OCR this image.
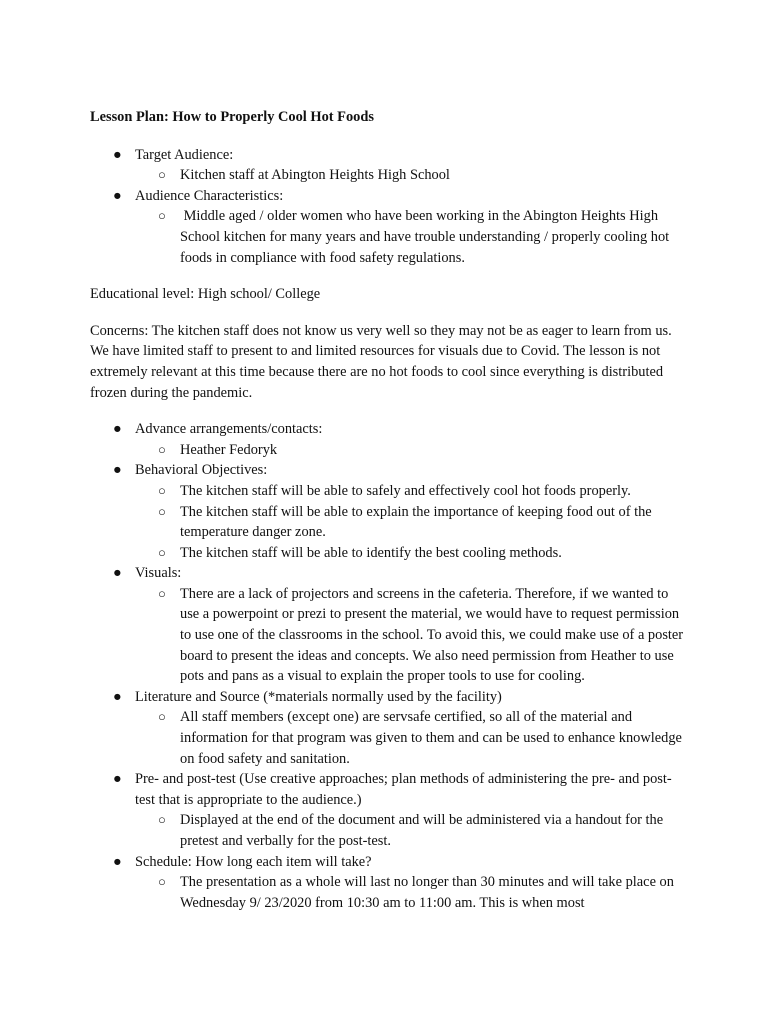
Lesson Plan: How to Properly Cool Hot Foods

● Target Audience:
○ Kitchen staff at Abington Heights High School
● Audience Characteristics:
○ Middle aged / older women who have been working in the Abington Heights High School kitchen for many years and have trouble understanding / properly cooling hot foods in compliance with food safety regulations.

Educational level: High school/ College

Concerns: The kitchen staff does not know us very well so they may not be as eager to learn from us. We have limited staff to present to and limited resources for visuals due to Covid. The lesson is not extremely relevant at this time because there are no hot foods to cool since everything is distributed frozen during the pandemic.

● Advance arrangements/contacts:
○ Heather Fedoryk
● Behavioral Objectives:
○ The kitchen staff will be able to safely and effectively cool hot foods properly.
○ The kitchen staff will be able to explain the importance of keeping food out of the temperature danger zone.
○ The kitchen staff will be able to identify the best cooling methods.
● Visuals:
○ There are a lack of projectors and screens in the cafeteria. Therefore, if we wanted to use a powerpoint or prezi to present the material, we would have to request permission to use one of the classrooms in the school. To avoid this, we could make use of a poster board to present the ideas and concepts. We also need permission from Heather to use pots and pans as a visual to explain the proper tools to use for cooling.
● Literature and Source (*materials normally used by the facility)
○ All staff members (except one) are servsafe certified, so all of the material and information for that program was given to them and can be used to enhance knowledge on food safety and sanitation.
● Pre- and post-test (Use creative approaches; plan methods of administering the pre- and post-test that is appropriate to the audience.)
○ Displayed at the end of the document and will be administered via a handout for the pretest and verbally for the post-test.
● Schedule: How long each item will take?
○ The presentation as a whole will last no longer than 30 minutes and will take place on Wednesday 9/ 23/2020 from 10:30 am to 11:00 am. This is when most
